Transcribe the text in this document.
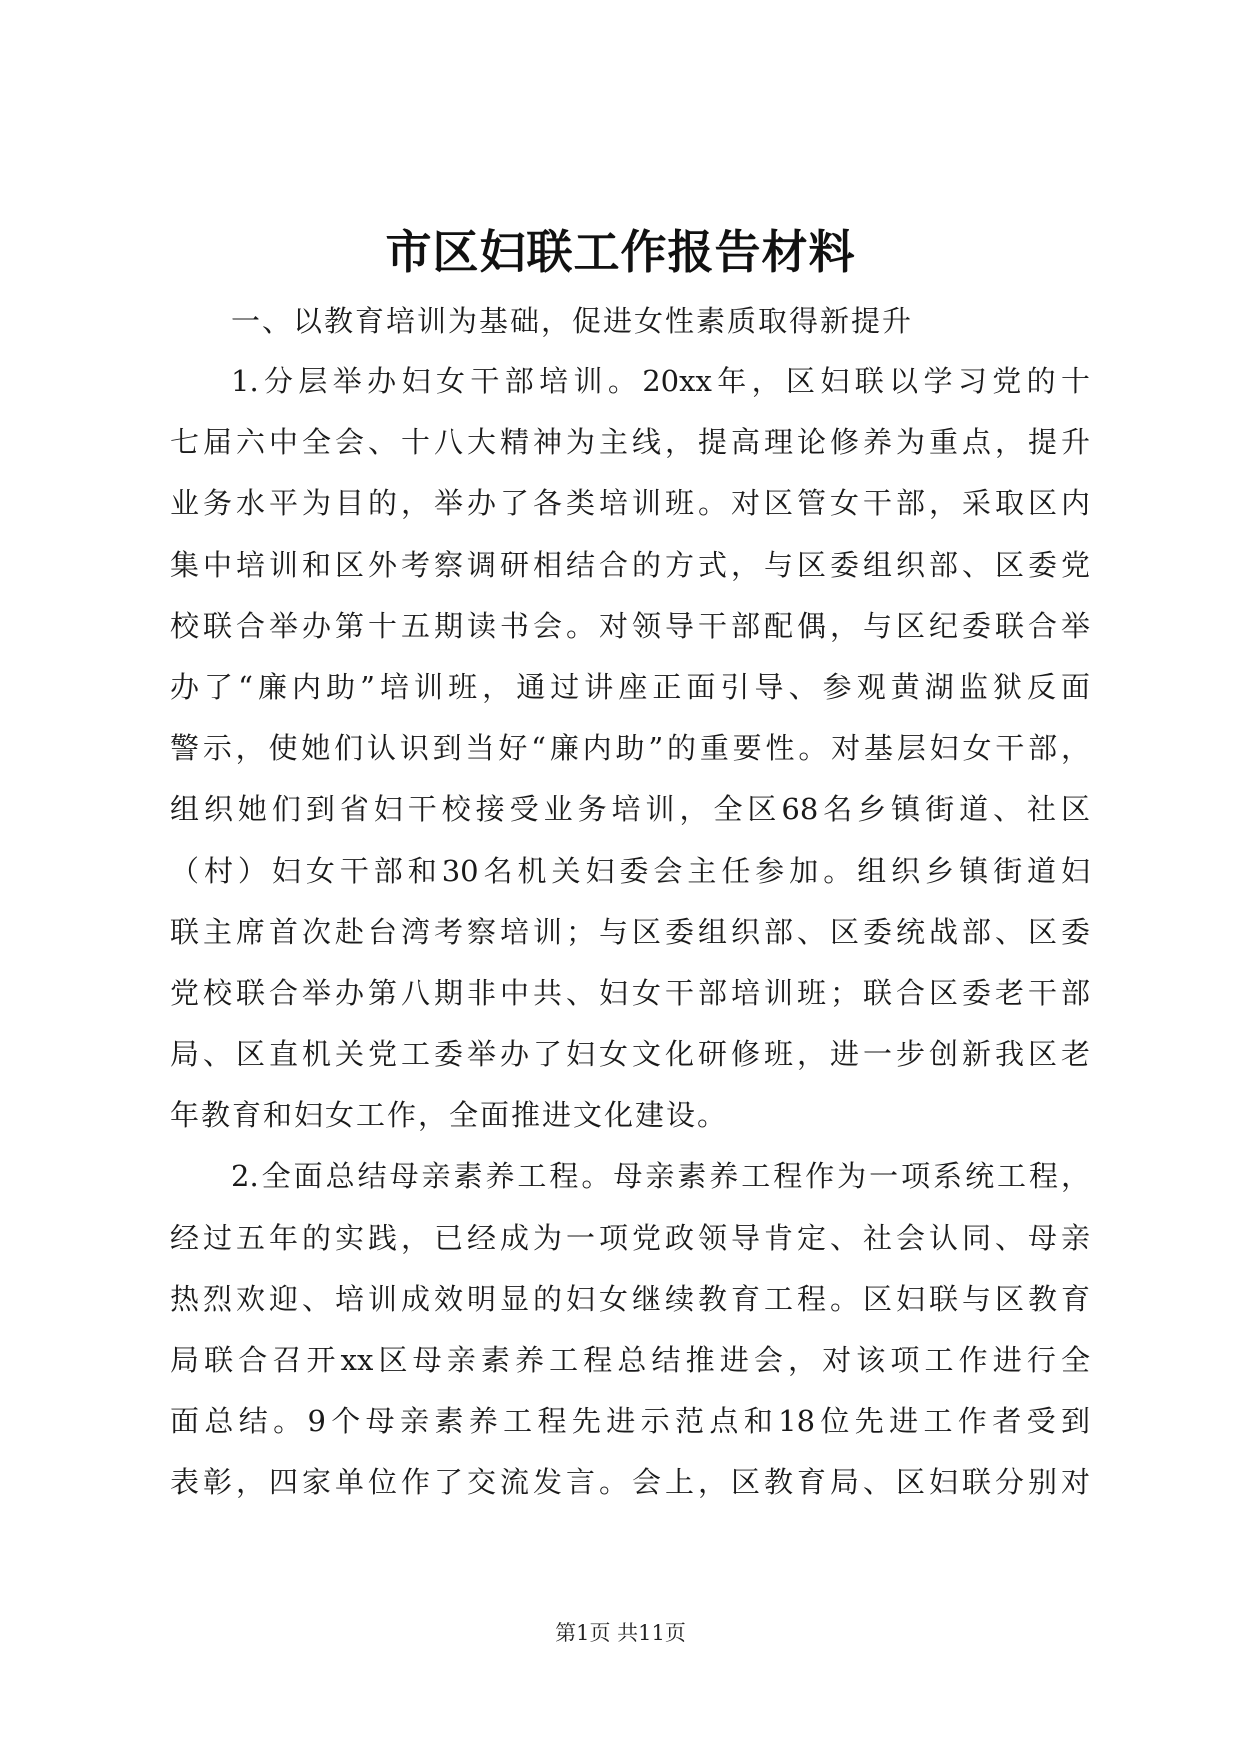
市区妇联工作报告材料
一、以教育培训为基础，促进女性素质取得新提升
1.分层举办妇女干部培训。20xx年，区妇联以学习党的十
七届六中全会、十八大精神为主线，提高理论修养为重点，提升
业务水平为目的，举办了各类培训班。对区管女干部，采取区内
集中培训和区外考察调研相结合的方式，与区委组织部、区委党
校联合举办第十五期读书会。对领导干部配偶，与区纪委联合举
办了“廉内助”培训班，通过讲座正面引导、参观黄湖监狱反面
警示，使她们认识到当好“廉内助”的重要性。对基层妇女干部，
组织她们到省妇干校接受业务培训，全区68名乡镇街道、社区
（村）妇女干部和30名机关妇委会主任参加。组织乡镇街道妇
联主席首次赴台湾考察培训；与区委组织部、区委统战部、区委
党校联合举办第八期非中共、妇女干部培训班；联合区委老干部
局、区直机关党工委举办了妇女文化研修班，进一步创新我区老
年教育和妇女工作，全面推进文化建设。
2.全面总结母亲素养工程。母亲素养工程作为一项系统工程，
经过五年的实践，已经成为一项党政领导肯定、社会认同、母亲
热烈欢迎、培训成效明显的妇女继续教育工程。区妇联与区教育
局联合召开xx区母亲素养工程总结推进会，对该项工作进行全
面总结。9个母亲素养工程先进示范点和18位先进工作者受到
表彰，四家单位作了交流发言。会上，区教育局、区妇联分别对
第1页 共11页
